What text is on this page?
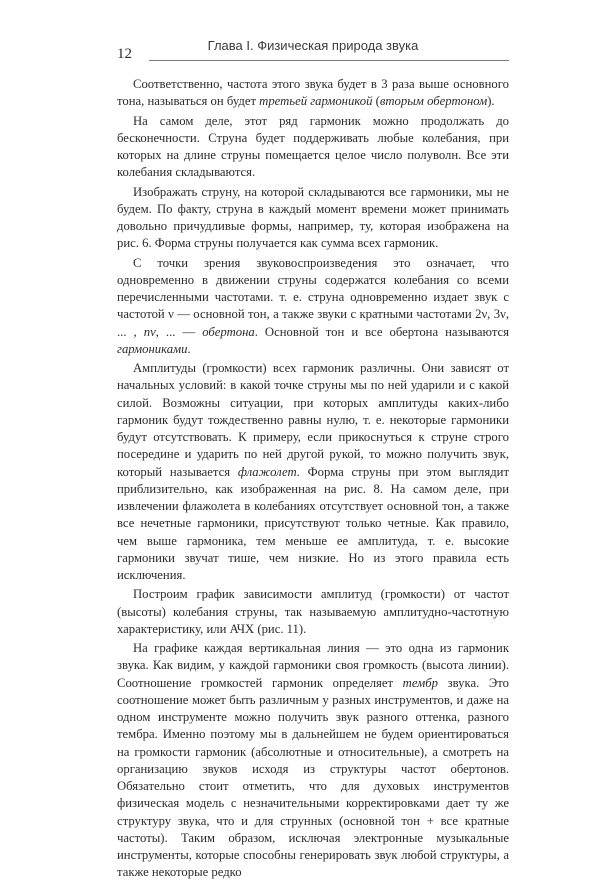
12
Глава I. Физическая природа звука

Соответственно, частота этого звука будет в 3 раза выше основного тона, называться он будет третьей гармоникой (вторым обертоном).

На самом деле, этот ряд гармоник можно продолжать до бесконечности. Струна будет поддерживать любые колебания, при которых на длине струны помещается целое число полуволн. Все эти колебания складываются.

Изображать струну, на которой складываются все гармоники, мы не будем. По факту, струна в каждый момент времени может принимать довольно причудливые формы, например, ту, которая изображена на рис. 6. Форма струны получается как сумма всех гармоник.

С точки зрения звуковоспроизведения это означает, что одновременно в движении струны содержатся колебания со всеми перечисленными частотами. т. е. струна одновременно издает звук с частотой ν — основной тон, а также звуки с кратными частотами 2ν, 3ν, ... , nν, ... — обертона. Основной тон и все обертона называются гармониками.

Амплитуды (громкости) всех гармоник различны. Они зависят от начальных условий: в какой точке струны мы по ней ударили и с какой силой. Возможны ситуации, при которых амплитуды каких-либо гармоник будут тождественно равны нулю, т. е. некоторые гармоники будут отсутствовать. К примеру, если прикоснуться к струне строго посередине и ударить по ней другой рукой, то можно получить звук, который называется флажолет. Форма струны при этом выглядит приблизительно, как изображенная на рис. 8. На самом деле, при извлечении флажолета в колебаниях отсутствует основной тон, а также все нечетные гармоники, присутствуют только четные. Как правило, чем выше гармоника, тем меньше ее амплитуда, т. е. высокие гармоники звучат тише, чем низкие. Но из этого правила есть исключения.

Построим график зависимости амплитуд (громкости) от частот (высоты) колебания струны, так называемую амплитудно-частотную характеристику, или АЧХ (рис. 11).

На графике каждая вертикальная линия — это одна из гармоник звука. Как видим, у каждой гармоники своя громкость (высота линии). Соотношение громкостей гармоник определяет тембр звука. Это соотношение может быть различным у разных инструментов, и даже на одном инструменте можно получить звук разного оттенка, разного тембра. Именно поэтому мы в дальнейшем не будем ориентироваться на громкости гармоник (абсолютные и относительные), а смотреть на организацию звуков исходя из структуры частот обертонов. Обязательно стоит отметить, что для духовых инструментов физическая модель с незначительными корректировками дает ту же структуру звука, что и для струнных (основной тон + все кратные частоты). Таким образом, исключая электронные музыкальные инструменты, которые способны генерировать звук любой структуры, а также некоторые редко
